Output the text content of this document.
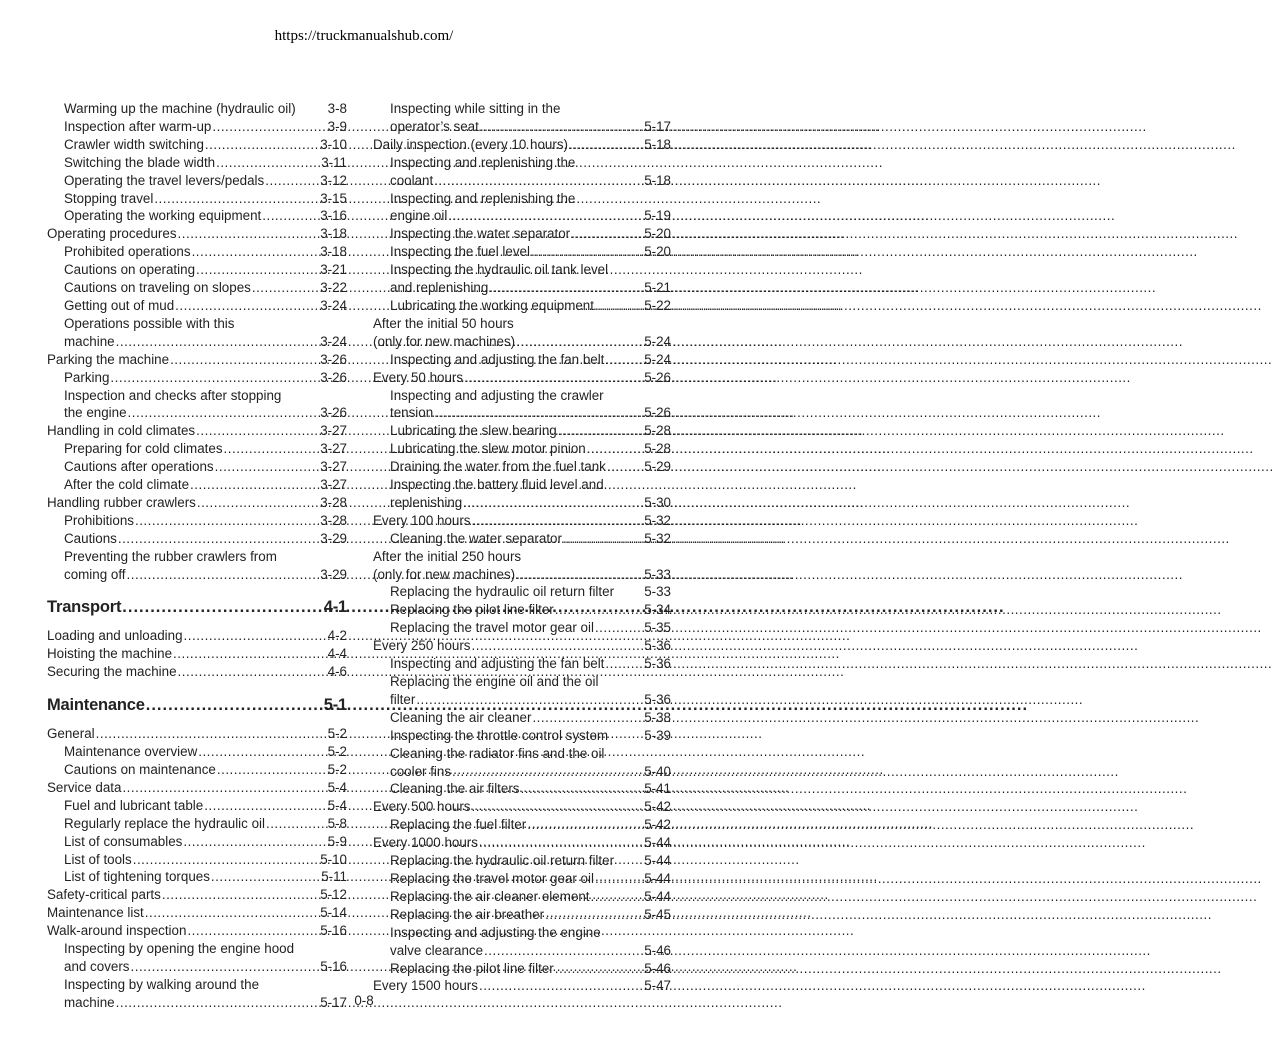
https://truckmanualshub.com/
Warming up the machine (hydraulic oil) 3-8
Inspection after warm-up .....	3-9
Crawler width switching .....	3-10
Switching the blade width .....	3-11
Operating the travel levers/pedals .....	3-12
Stopping travel .....	3-15
Operating the working equipment .....	3-16
Operating procedures .....	3-18
Prohibited operations .....	3-18
Cautions on operating .....	3-21
Cautions on traveling on slopes .....	3-22
Getting out of mud .....	3-24
Operations possible with this
machine .....	3-24
Parking the machine .....	3-26
Parking .....	3-26
Inspection and checks after stopping
the engine .....	3-26
Handling in cold climates .....	3-27
Preparing for cold climates .....	3-27
Cautions after operations .....	3-27
After the cold climate .....	3-27
Handling rubber crawlers .....	3-28
Prohibitions .....	3-28
Cautions .....	3-29
Preventing the rubber crawlers from
coming off .....	3-29
Transport .....	4-1
Loading and unloading .....	4-2
Hoisting the machine .....	4-4
Securing the machine .....	4-6
Maintenance .....	5-1
General .....	5-2
Maintenance overview .....	5-2
Cautions on maintenance .....	5-2
Service data .....	5-4
Fuel and lubricant table .....	5-4
Regularly replace the hydraulic oil .....	5-8
List of consumables .....	5-9
List of tools .....	5-10
List of tightening torques .....	5-11
Safety-critical parts .....	5-12
Maintenance list .....	5-14
Walk-around inspection .....	5-16
Inspecting by opening the engine hood
and covers .....	5-16
Inspecting by walking around the
machine .....	5-17
Inspecting while sitting in the
operator’s seat .....	5-17
Daily inspection (every 10 hours) .....	5-18
Inspecting and replenishing the
coolant .....	5-18
Inspecting and replenishing the
engine oil .....	5-19
Inspecting the water separator .....	5-20
Inspecting the fuel level .....	5-20
Inspecting the hydraulic oil tank level
and replenishing .....	5-21
Lubricating the working equipment .....	5-22
After the initial 50 hours
(only for new machines) .....	5-24
Inspecting and adjusting the fan belt .....	5-24
Every 50 hours .....	5-26
Inspecting and adjusting the crawler
tension .....	5-26
Lubricating the slew bearing .....	5-28
Lubricating the slew motor pinion .....	5-28
Draining the water from the fuel tank .....	5-29
Inspecting the battery fluid level and
replenishing .....	5-30
Every 100 hours .....	5-32
Cleaning the water separator .....	5-32
After the initial 250 hours
(only for new machines) .....	5-33
Replacing the hydraulic oil return filter 5-33
Replacing the pilot line filter .....	5-34
Replacing the travel motor gear oil .....	5-35
Every 250 hours .....	5-36
Inspecting and adjusting the fan belt .....	5-36
Replacing the engine oil and the oil
filter .....	5-36
Cleaning the air cleaner .....	5-38
Inspecting the throttle control system	5-39
Cleaning the radiator fins and the oil
cooler fins .....	5-40
Cleaning the air filters .....	5-41
Every 500 hours .....	5-42
Replacing the fuel filter .....	5-42
Every 1000 hours .....	5-44
Replacing the hydraulic oil return filter 5-44
Replacing the travel motor gear oil .....	5-44
Replacing the air cleaner element .....	5-44
Replacing the air breather .....	5-45
Inspecting and adjusting the engine
valve clearance .....	5-46
Replacing the pilot line filter .....	5-46
Every 1500 hours .....	5-47
0-8
